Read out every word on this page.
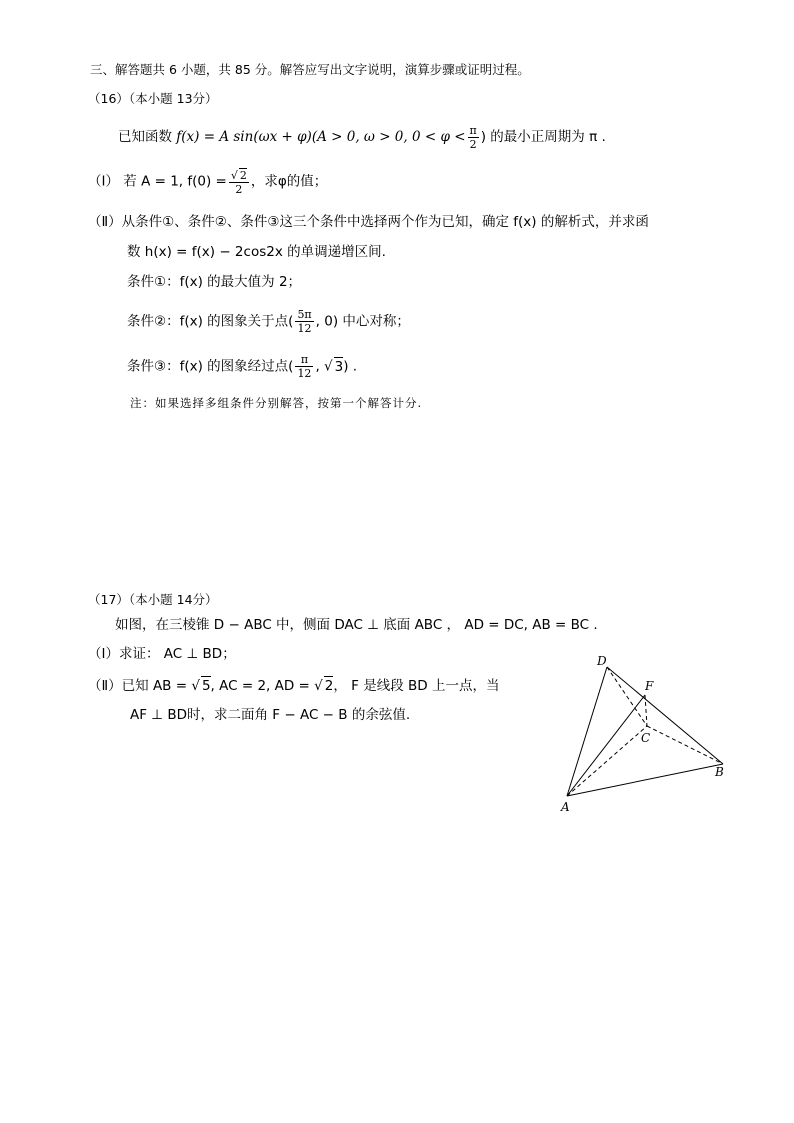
三、解答题共 6 小题，共 85 分。解答应写出文字说明，演算步骤或证明过程。
（16）（本小题 13分）
已知函数 f(x) = A sin(ωx + φ)(A > 0, ω > 0, $0 < \varphi < \frac{\pi}{2}$ ) 的最小正周期为 π .
（Ⅰ） 若 A = 1, $f(0) = \frac{√ 2}{2}$ ，求φ的值；
（Ⅱ）从条件①、条件②、条件③这三个条件中选择两个作为已知，确定 f(x) 的解析式，并求函
数 h(x) = f(x) − 2cos2x 的单调递增区间.
条件①：f(x) 的最大值为 2；
条件②：f(x) 的图象关于点( $\frac{5\pi}{12}$ , 0) 中心对称；
条件③：f(x) 的图象经过点( $\frac{\pi}{12}$ , √ 3) .
注：如果选择多组条件分别解答，按第一个解答计分.
（17）（本小题 14分）
如图，在三棱锥 D − ABC 中，侧面 DAC ⊥ 底面 ABC ， AD = DC, AB = BC .
（Ⅰ）求证： AC ⊥ BD；
（Ⅱ）已知 AB = √ 5, AC = 2, AD = √ 2， F 是线段 BD 上一点，当
AF ⊥ BD时，求二面角 F − AC − B 的余弦值.
D
F
C
B
A
